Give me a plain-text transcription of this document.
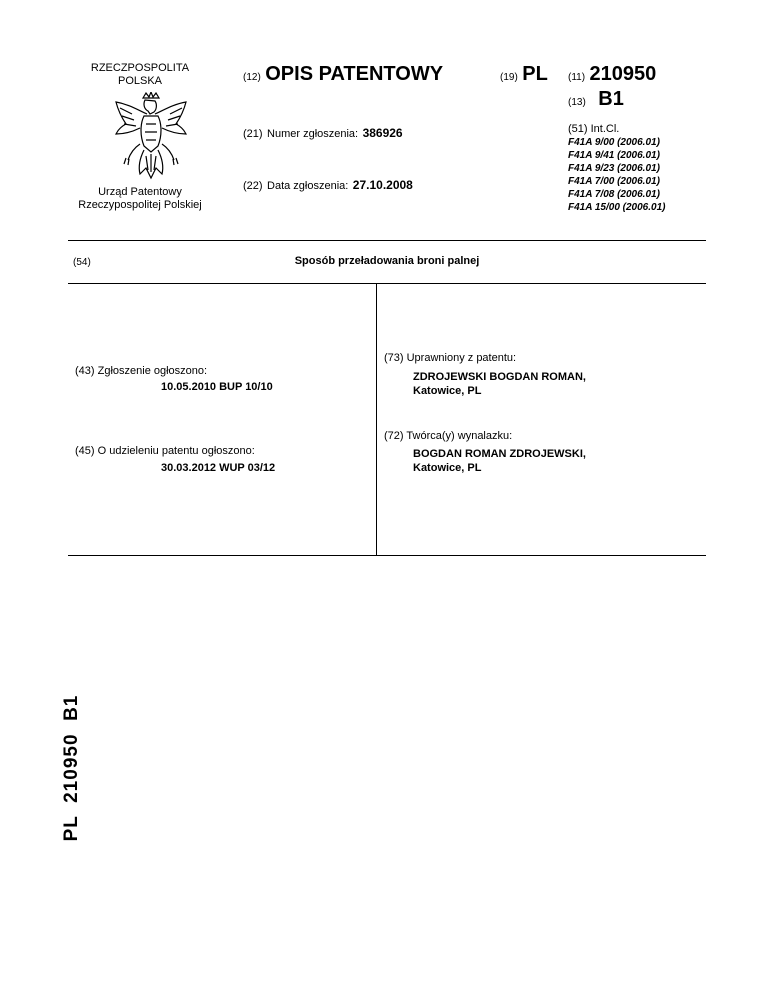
RZECZPOSPOLITA
POLSKA
Urząd Patentowy
Rzeczypospolitej Polskiej
(12) OPIS PATENTOWY	(19) PL (11) 210950
(13) B1
(21) Numer zgłoszenia: 386926
(22) Data zgłoszenia: 27.10.2008
(51) Int.Cl.
F41A 9/00 (2006.01)
F41A 9/41 (2006.01)
F41A 9/23 (2006.01)
F41A 7/00 (2006.01)
F41A 7/08 (2006.01)
F41A 15/00 (2006.01)
(54)	Sposób przeładowania broni palnej
(43) Zgłoszenie ogłoszono:
10.05.2010 BUP 10/10
(45) O udzieleniu patentu ogłoszono:
30.03.2012 WUP 03/12
(73) Uprawniony z patentu:
ZDROJEWSKI BOGDAN ROMAN,
Katowice, PL
(72) Twórca(y) wynalazku:
BOGDAN ROMAN ZDROJEWSKI,
Katowice, PL
PL  210950  B1
